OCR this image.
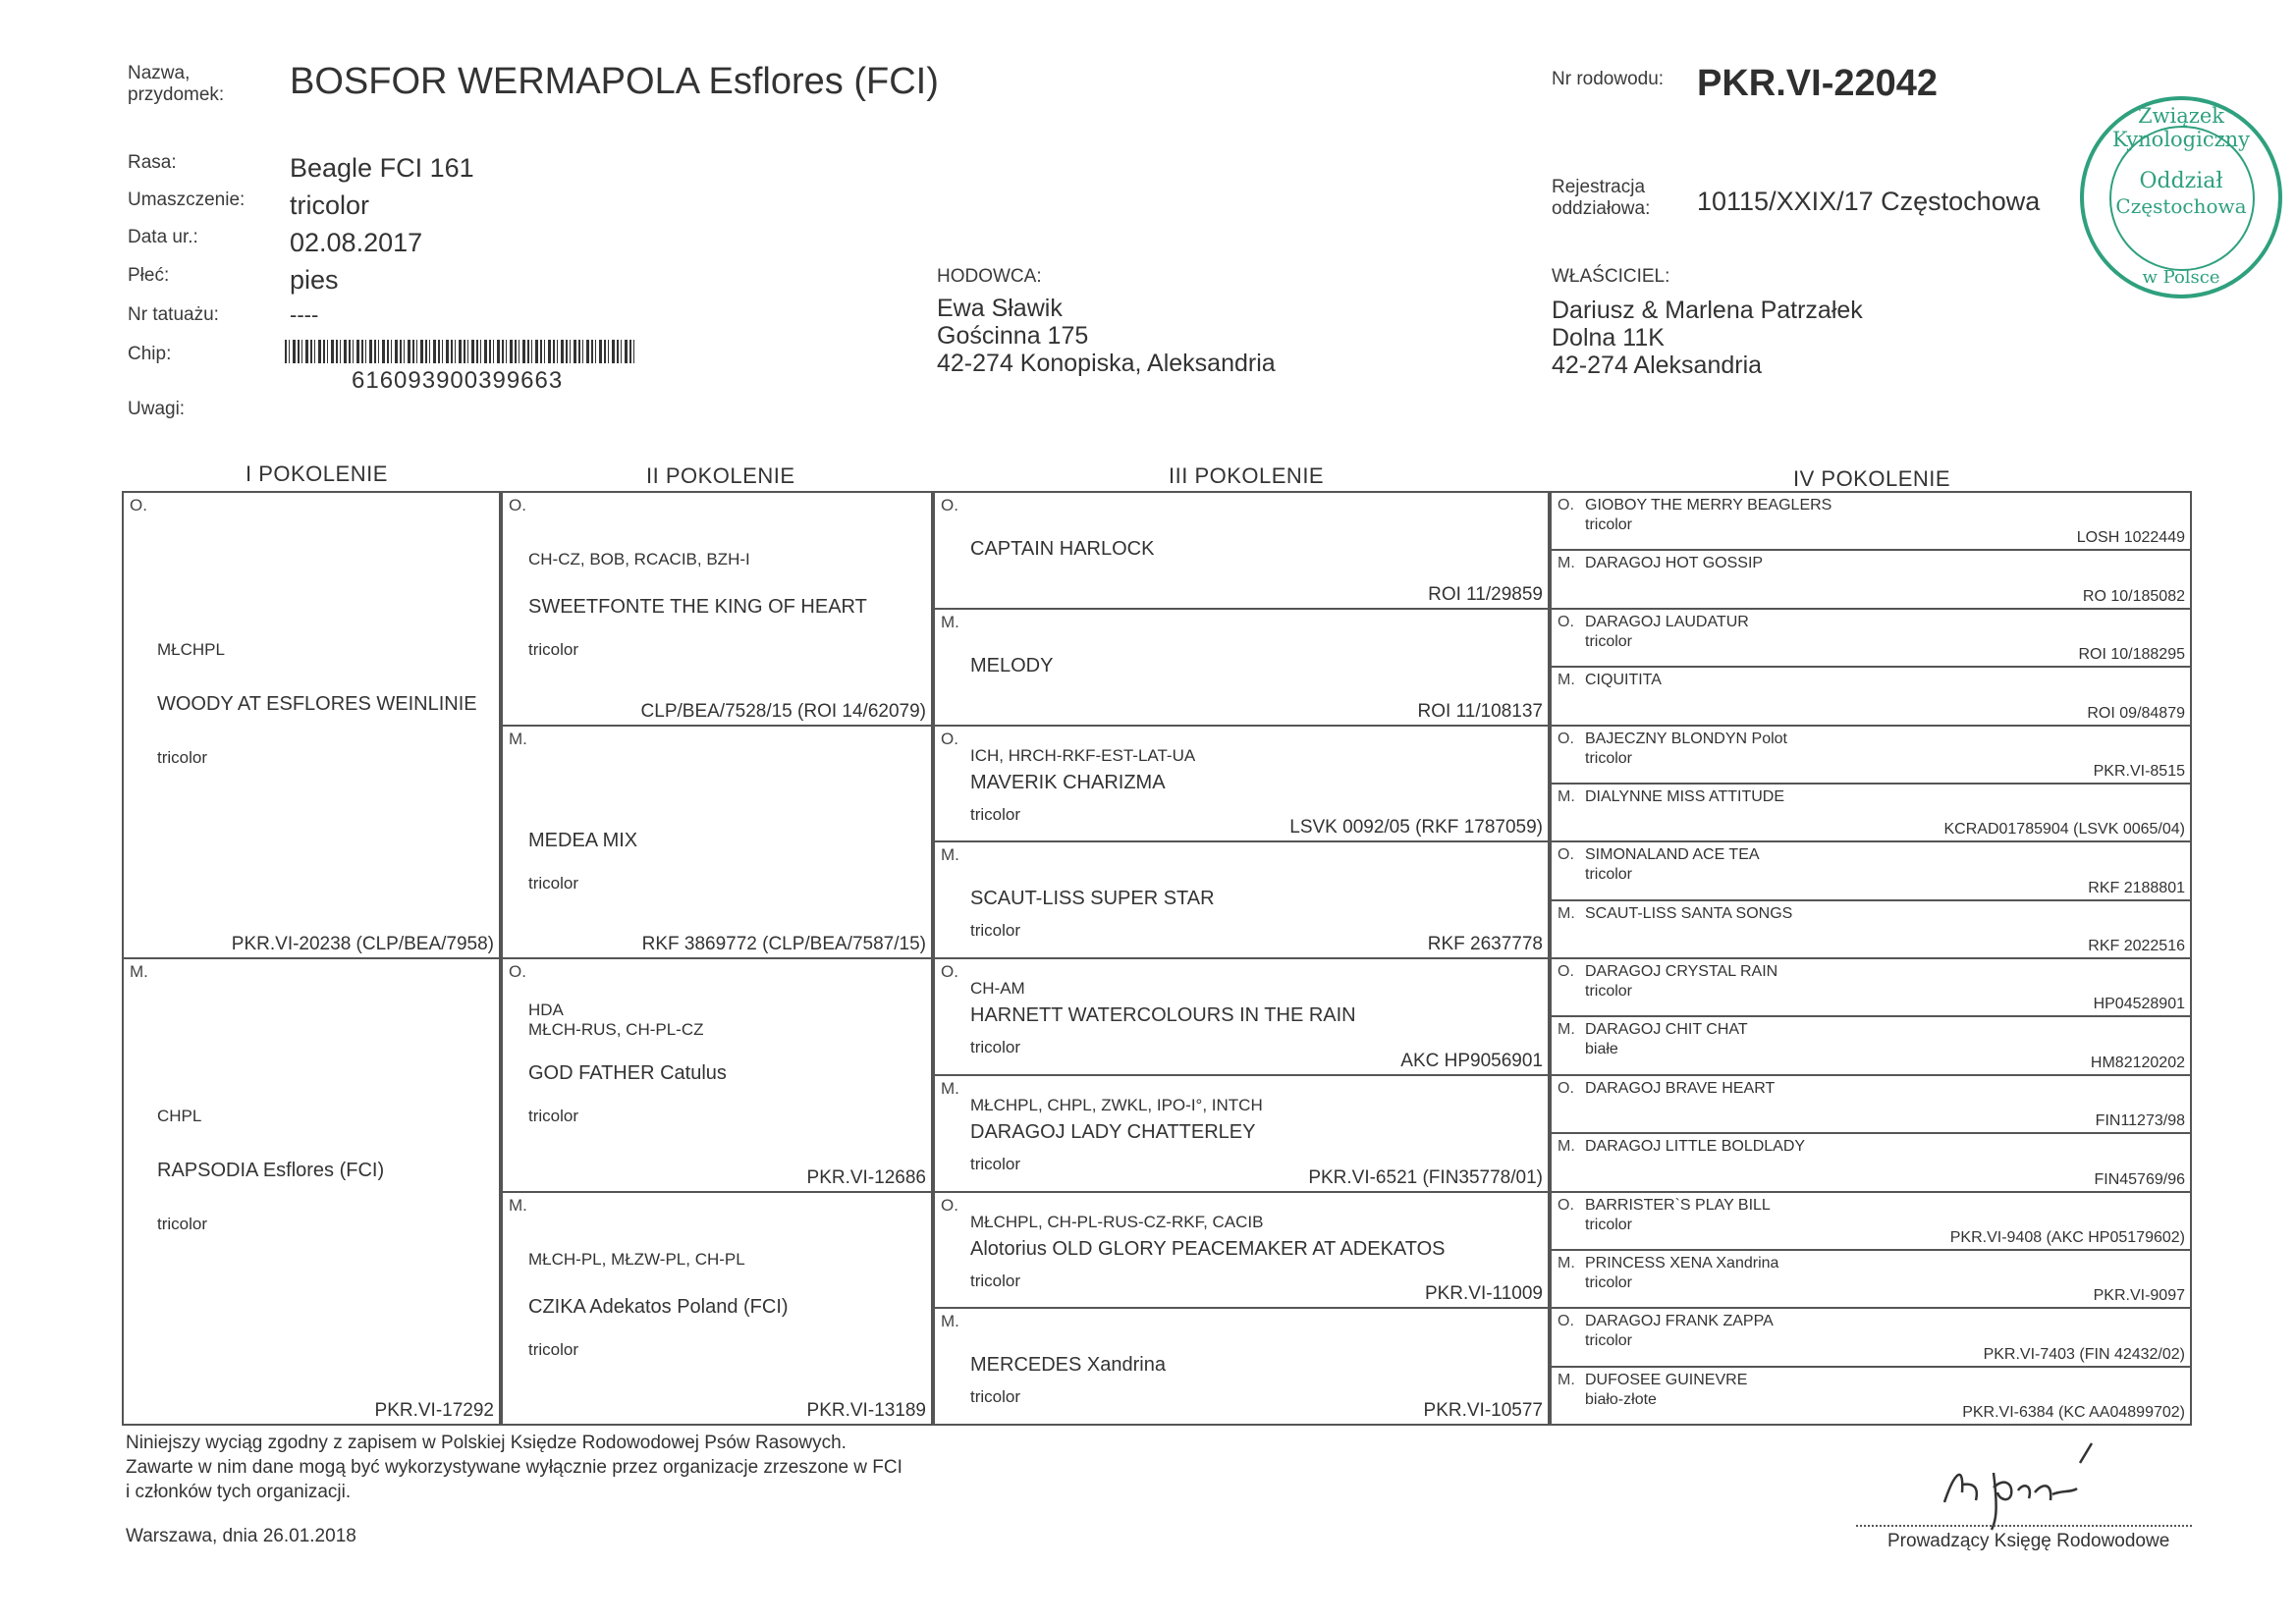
Nazwa,
przydomek: BOSFOR WERMAPOLA Esflores (FCI)	Nr rodowodu: PKR.VI-22042
Rejestracja
oddziałowa: 10115/XXIX/17 Częstochowa
Związek Kynologiczny
Oddział
Częstochowa
w Polsce
Rasa:	Beagle FCI 161
Umaszczenie: tricolor
Data ur.:	02.08.2017
Płeć:	pies
Nr tatuażu:	----
Chip:
616093900399663
Uwagi:
HODOWCA:
Ewa Sławik
Gościnna 175
42-274 Konopiska, Aleksandria
WŁAŚCICIEL:
Dariusz & Marlena Patrzałek
Dolna 11K
42-274 Aleksandria
I POKOLENIE	II POKOLENIE	III POKOLENIE	IV POKOLENIE
O.
MŁCHPL
WOODY AT ESFLORES WEINLINIE
tricolor
PKR.VI-20238 (CLP/BEA/7958)
M.
CHPL
RAPSODIA Esflores (FCI)
tricolor
PKR.VI-17292
O.
CH-CZ, BOB, RCACIB, BZH-I
SWEETFONTE THE KING OF HEART
tricolor
CLP/BEA/7528/15 (ROI 14/62079)
M.
MEDEA MIX
tricolor
RKF 3869772 (CLP/BEA/7587/15)
O.
HDA
MŁCH-RUS, CH-PL-CZ
GOD FATHER Catulus
tricolor
PKR.VI-12686
M.
MŁCH-PL, MŁZW-PL, CH-PL
CZIKA Adekatos Poland (FCI)
tricolor
PKR.VI-13189
O.
CAPTAIN HARLOCK
ROI 11/29859
M.
MELODY
ROI 11/108137
O.
ICH, HRCH-RKF-EST-LAT-UA
MAVERIK CHARIZMA
tricolor
LSVK 0092/05 (RKF 1787059)
M.
SCAUT-LISS SUPER STAR
tricolor
RKF 2637778
O.
CH-AM
HARNETT WATERCOLOURS IN THE RAIN
tricolor
AKC HP9056901
M.
MŁCHPL, CHPL, ZWKL, IPO-I°, INTCH
DARAGOJ LADY CHATTERLEY
tricolor
PKR.VI-6521 (FIN35778/01)
O.
MŁCHPL, CH-PL-RUS-CZ-RKF, CACIB
Alotorius OLD GLORY PEACEMAKER AT ADEKATOS
tricolor
PKR.VI-11009
M.
MERCEDES Xandrina
tricolor
PKR.VI-10577
O. GIOBOY THE MERRY BEAGLERS
tricolor
LOSH 1022449
M. DARAGOJ HOT GOSSIP
RO 10/185082
O. DARAGOJ LAUDATUR
tricolor
ROI 10/188295
M. CIQUITITA
ROI 09/84879
O. BAJECZNY BLONDYN Polot
tricolor
PKR.VI-8515
M. DIALYNNE MISS ATTITUDE
KCRAD01785904 (LSVK 0065/04)
O. SIMONALAND ACE TEA
tricolor
RKF 2188801
M. SCAUT-LISS SANTA SONGS
RKF 2022516
O. DARAGOJ CRYSTAL RAIN
tricolor
HP04528901
M. DARAGOJ CHIT CHAT
białe
HM82120202
O. DARAGOJ BRAVE HEART
FIN11273/98
M. DARAGOJ LITTLE BOLDLADY
FIN45769/96
O. BARRISTER`S PLAY BILL
tricolor
PKR.VI-9408 (AKC HP05179602)
M. PRINCESS XENA Xandrina
tricolor
PKR.VI-9097
O. DARAGOJ FRANK ZAPPA
tricolor
PKR.VI-7403 (FIN 42432/02)
M. DUFOSEE GUINEVRE
biało-złote
PKR.VI-6384 (KC AA04899702)
Niniejszy wyciąg zgodny z zapisem w Polskiej Księdze Rodowodowej Psów Rasowych.
Zawarte w nim dane mogą być wykorzystywane wyłącznie przez organizacje zrzeszone w FCI
i członków tych organizacji.
Warszawa, dnia 26.01.2018	Prowadzący Księgę Rodowodowe
